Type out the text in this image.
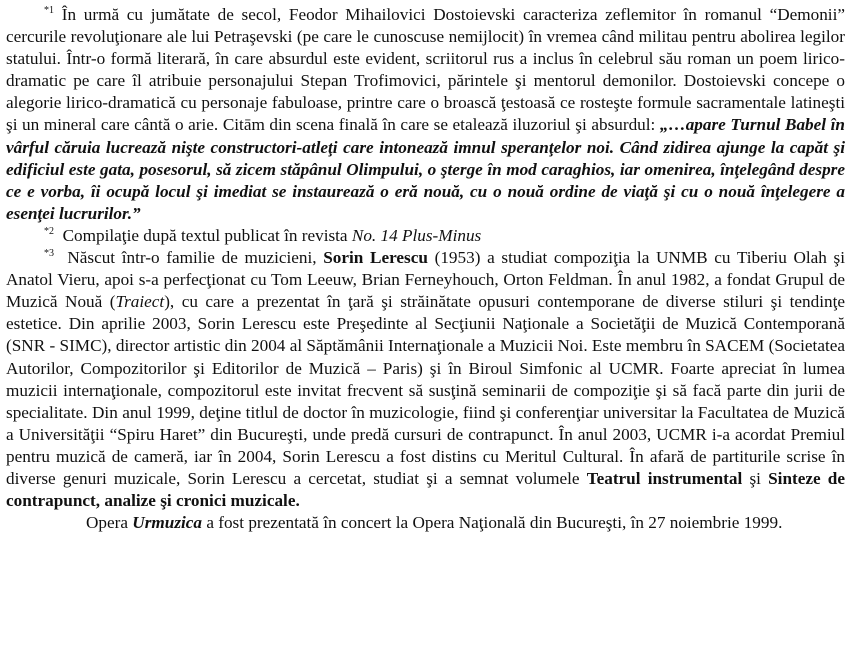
$^{*1}$ În urmă cu jumătate de secol, Feodor Mihailovici Dostoievski caracteriza zeflemitor în romanul “Demonii” cercurile revoluţionare ale lui Petraşevski (pe care le cunoscuse nemijlocit) în vremea când militau pentru abolirea legilor statului. Într-o formă literară, în care absurdul este evident, scriitorul rus a inclus în celebrul său roman un poem lirico-dramatic pe care îl atribuie personajului Stepan Trofimovici, părintele şi mentorul demonilor. Dostoievski concepe o alegorie lirico-dramatică cu personaje fabuloase, printre care o broască ţestoasă ce rosteşte formule sacramentale latineşti şi un mineral care cântă o arie. Citām din scena finală în care se etalează iluzoriul şi absurdul: „…apare Turnul Babel în vârful căruia lucrează nişte constructori-atleţi care intonează imnul speranţelor noi. Când zidirea ajunge la capăt şi edificiul este gata, posesorul, să zicem stăpânul Olimpului, o şterge în mod caraghios, iar omenirea, înţelegând despre ce e vorba, îi ocupă locul şi imediat se instaurează o eră nouă, cu o nouă ordine de viaţă şi cu o nouă înţelegere a esenţei lucrurilor.”

$^{*2}$ Compilaţie după textul publicat în revista No. 14 Plus-Minus

$^{*3}$ Născut într-o familie de muzicieni, Sorin Lerescu (1953) a studiat compoziţia la UNMB cu Tiberiu Olah şi Anatol Vieru, apoi s-a perfecţionat cu Tom Leeuw, Brian Ferneyhouch, Orton Feldman. În anul 1982, a fondat Grupul de Muzică Nouă (Traiect), cu care a prezentat în ţară şi străinătate opusuri contemporane de diverse stiluri şi tendinţe estetice. Din aprilie 2003, Sorin Lerescu este Preşedinte al Secţiunii Naţionale a Societăţii de Muzică Contemporană (SNR - SIMC), director artistic din 2004 al Săptămânii Internaţionale a Muzicii Noi. Este membru în SACEM (Societatea Autorilor, Compozitorilor şi Editorilor de Muzică – Paris) şi în Biroul Simfonic al UCMR. Foarte apreciat în lumea muzicii internaţionale, compozitorul este invitat frecvent să susţină seminarii de compoziţie şi să facă parte din jurii de specialitate. Din anul 1999, deţine titlul de doctor în muzicologie, fiind şi conferenţiar universitar la Facultatea de Muzică a Universităţii “Spiru Haret” din Bucureşti, unde predă cursuri de contrapunct. În anul 2003, UCMR i-a acordat Premiul pentru muzică de cameră, iar în 2004, Sorin Lerescu a fost distins cu Meritul Cultural. În afară de partiturile scrise în diverse genuri muzicale, Sorin Lerescu a cercetat, studiat şi a semnat volumele Teatrul instrumental şi Sinteze de contrapunct, analize şi cronici muzicale.

Opera Urmuzica a fost prezentată în concert la Opera Naţională din Bucureşti, în 27 noiembrie 1999.
